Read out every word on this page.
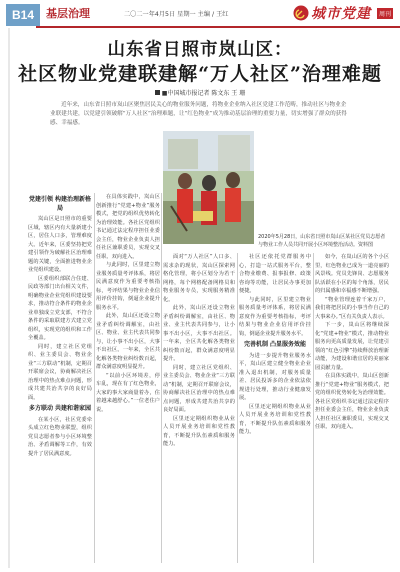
B14	基层治理	二〇二一年4月5日 星期一 主编 / 王红	城市党建	周刊
山东省日照市岚山区：
社区物业党建联建解“万人社区”治理难题
■中国城市报记者 陈文东 王 珊
近年来，山东省日照市岚山区聚焦居民关心的物业服务问题，将物业企业纳入社区党建工作范畴，推动社区与物业企业联建共建，以党建引领破解“万人社区”治理难题，让“红色物业”成为推动基层治理的重要力量，切实增强了群众的获得感、幸福感。
党建引领 构建治理新格局

岚山区是日照市的重要区域，辖区内有大量新建小区，居住人口多，管理难度大。近年来，区委坚持把党建引领作为破解社区治理难题的关键，全面推进物业企业党组织建设。

区委组织部联合住建、民政等部门出台相关文件，明确物业企业党组织建设要求，推动符合条件的物业企业单独成立党支部，不符合条件的采取联建方式建立党组织，实现党的组织和工作全覆盖。

同时，建立社区党组织、业主委员会、物业企业“三方联动”机制，定期召开联席会议，协商解决社区治理中的热点难点问题，形成共建共治共享的良好局面。

多方联动 共建和谐家园

在某小区，社区党委牵头成立红色物业联盟，组织党员志愿者参与小区环境整治、矛盾调解等工作，有效提升了居民满意度。

在具体实践中，岚山区创新推行“党建+物业”服务模式，把党的组织优势转化为治理效能。各社区党组织书记通过法定程序担任业委会主任，物业企业负责人担任社区兼职委员，实现交叉任职、双向进入。

与此同时，区里建立物业服务质量考评体系，将居民满意度作为重要考核指标，考评结果与物业企业信用评价挂钩，倒逼企业提升服务水平。

此外，岚山区还设立物业矛盾纠纷调解室，由社区、物业、业主代表共同参与，让小事不出小区，大事不出社区。一年来，全区共化解各类物业纠纷数百起，群众满意度明显提升。

“以前小区环境差，停车乱，现在有了红色物业，大家的事大家商量着办，住着越来越舒心。”一位老住户说。

2020年5月28日，山东省日照市岚山区某社区党员志愿者与物业工作人员共同开展小区环境整治活动。资料图

面对“万人社区”人口多、需求杂的现状，岚山区探索网格化管理，将小区划分为若干网格，每个网格配备网格员和物业服务专员，实现服务精准化。

此外，岚山区还设立物业矛盾纠纷调解室，由社区、物业、业主代表共同参与，让小事不出小区，大事不出社区。一年来，全区共化解各类物业纠纷数百起，群众满意度明显提升。

同时，建立社区党组织、业主委员会、物业企业“三方联动”机制，定期召开联席会议，协商解决社区治理中的热点难点问题，形成共建共治共享的良好局面。

区里还定期组织物业从业人员开展业务培训和党性教育，不断提升队伍素质和服务能力。

社区还依托党群服务中心，打造一站式服务平台，整合物业缴费、报事报修、政策咨询等功能，让居民办事更加便捷。

与此同时，区里建立物业服务质量考评体系，将居民满意度作为重要考核指标，考评结果与物业企业信用评价挂钩，倒逼企业提升服务水平。

完善机制 凸显服务效能

为进一步提升物业服务水平，岚山区建立健全物业企业准入退出机制，对服务质量差、居民投诉多的企业依法依规进行处理，推动行业健康发展。

区里还定期组织物业从业人员开展业务培训和党性教育，不断提升队伍素质和服务能力。

如今，在岚山区的各个小区里，红色物业已成为一道亮丽的风景线。党员先锋岗、志愿服务队活跃在小区的每个角落，居民的归属感和幸福感不断增强。

“物业管理连着千家万户，我们将把居民的小事当作自己的大事来办。”区有关负责人表示。

下一步，岚山区将继续深化“党建+物业”模式，推动物业服务向更高质量发展，让党建引领的“红色引擎”持续释放治理新动能，为建设和谐宜居的美丽家园贡献力量。

在具体实践中，岚山区创新推行“党建+物业”服务模式，把党的组织优势转化为治理效能。各社区党组织书记通过法定程序担任业委会主任，物业企业负责人担任社区兼职委员，实现交叉任职、双向进入。
